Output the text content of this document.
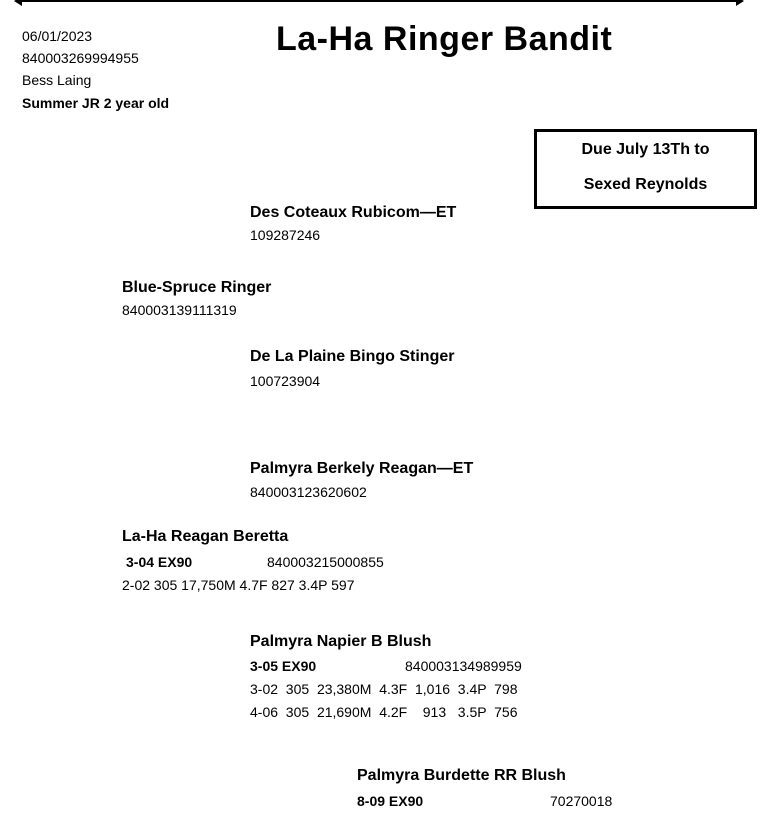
06/01/2023
840003269994955
Bess Laing
Summer JR 2 year old
La-Ha Ringer Bandit
Due July 13Th to
Sexed Reynolds
Des Coteaux Rubicom—ET
109287246
Blue-Spruce Ringer
840003139111319
De La Plaine Bingo Stinger
100723904
Palmyra Berkely Reagan—ET
840003123620602
La-Ha Reagan Beretta
3-04 EX90	840003215000855
2-02 305 17,750M 4.7F 827 3.4P 597
Palmyra Napier B Blush
3-05 EX90	840003134989959
3-02  305  23,380M  4.3F  1,016  3.4P  798
4-06  305  21,690M  4.2F    913   3.5P  756
Palmyra Burdette RR Blush
8-09 EX90	70270018
